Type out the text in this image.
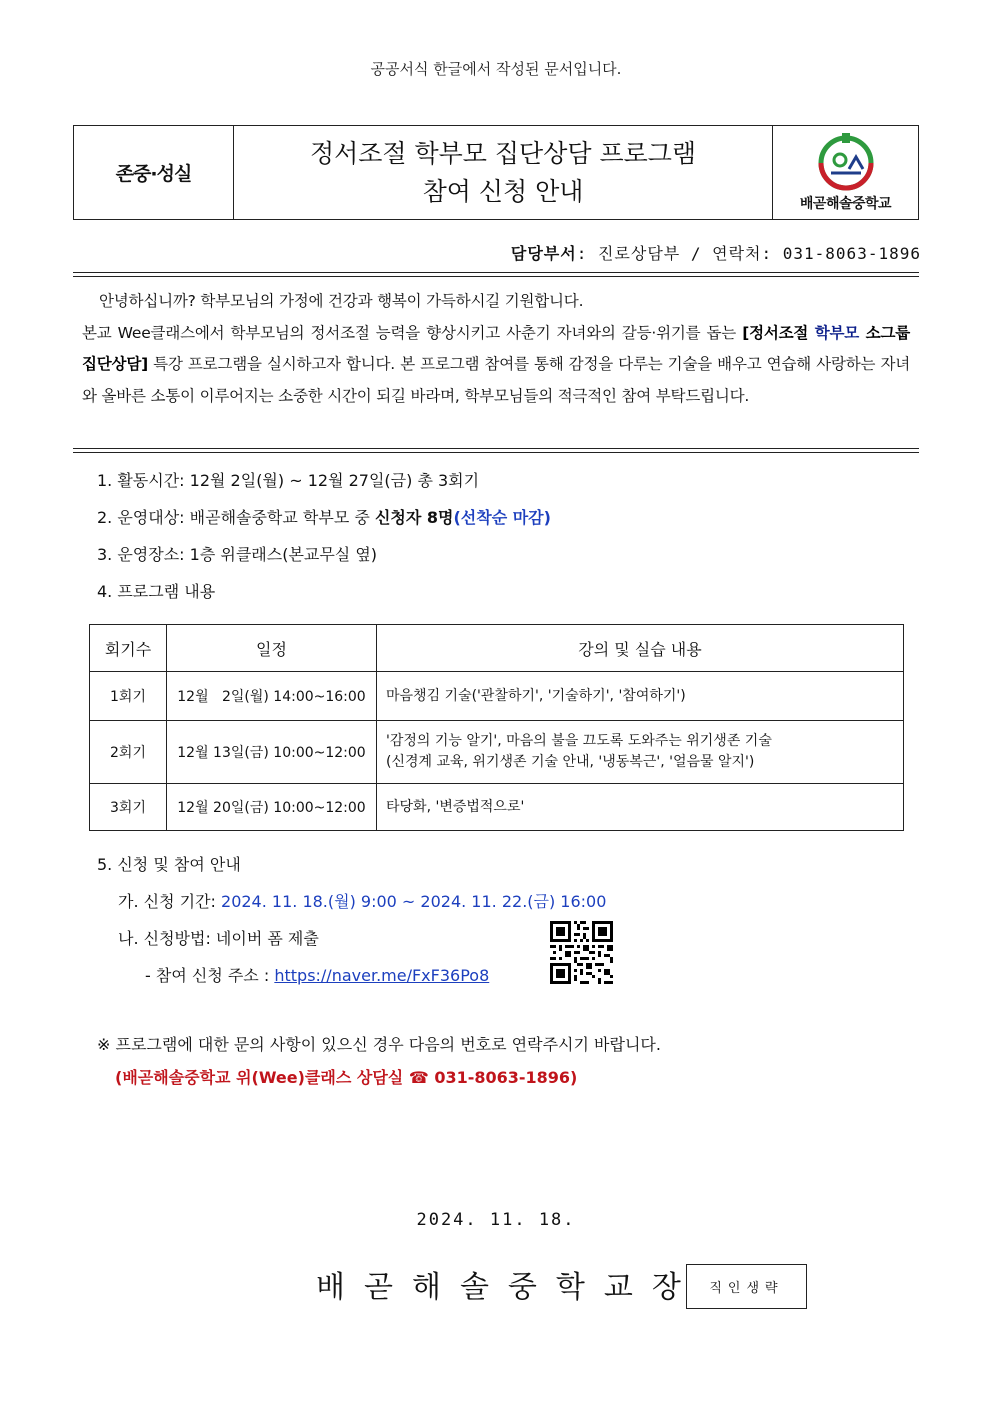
공공서식 한글에서 작성된 문서입니다.
존중·성실
정서조절 학부모 집단상담 프로그램
참여 신청 안내	배곧해솔중학교
담당부서: 진로상담부 / 연락처: 031-8063-1896

안녕하십니까? 학부모님의 가정에 건강과 행복이 가득하시길 기원합니다.

본교 Wee클래스에서 학부모님의 정서조절 능력을 향상시키고 사춘기 자녀와의 갈등·위기를 돕는 [정서조절 학부모 소그룹 집단상담] 특강 프로그램을 실시하고자 합니다. 본 프로그램 참여를 통해 감정을 다루는 기술을 배우고 연습해 사랑하는 자녀와 올바른 소통이 이루어지는 소중한 시간이 되길 바라며, 학부모님들의 적극적인 참여 부탁드립니다.

1. 활동시간: 12월 2일(월) ~ 12월 27일(금) 총 3회기
2. 운영대상: 배곧해솔중학교 학부모 중 신청자 8명(선착순 마감)
3. 운영장소: 1층 위클래스(본교무실 옆)
4. 프로그램 내용
회기수	일정	강의 및 실습 내용
1회기	12월   2일(월) 14:00~16:00	마음챙김 기술('관찰하기', '기술하기', '참여하기')
2회기	12월 13일(금) 10:00~12:00	'감정의 기능 알기', 마음의 불을 끄도록 도와주는 위기생존 기술
(신경계 교육, 위기생존 기술 안내, '냉동복근', '얼음물 알지')

3회기	12월 20일(금) 10:00~12:00	타당화, '변증법적으로'
5. 신청 및 참여 안내
가. 신청 기간: 2024. 11. 18.(월) 9:00 ~ 2024. 11. 22.(금) 16:00
나. 신청방법: 네이버 폼 제출
- 참여 신청 주소 : https://naver.me/FxF36Po8
※ 프로그램에 대한 문의 사항이 있으신 경우 다음의 번호로 연락주시기 바랍니다.
(배곧해솔중학교 위(Wee)클래스 상담실 ☎ 031-8063-1896)
2024. 11. 18.
배곧해솔중학교장 직인생략
